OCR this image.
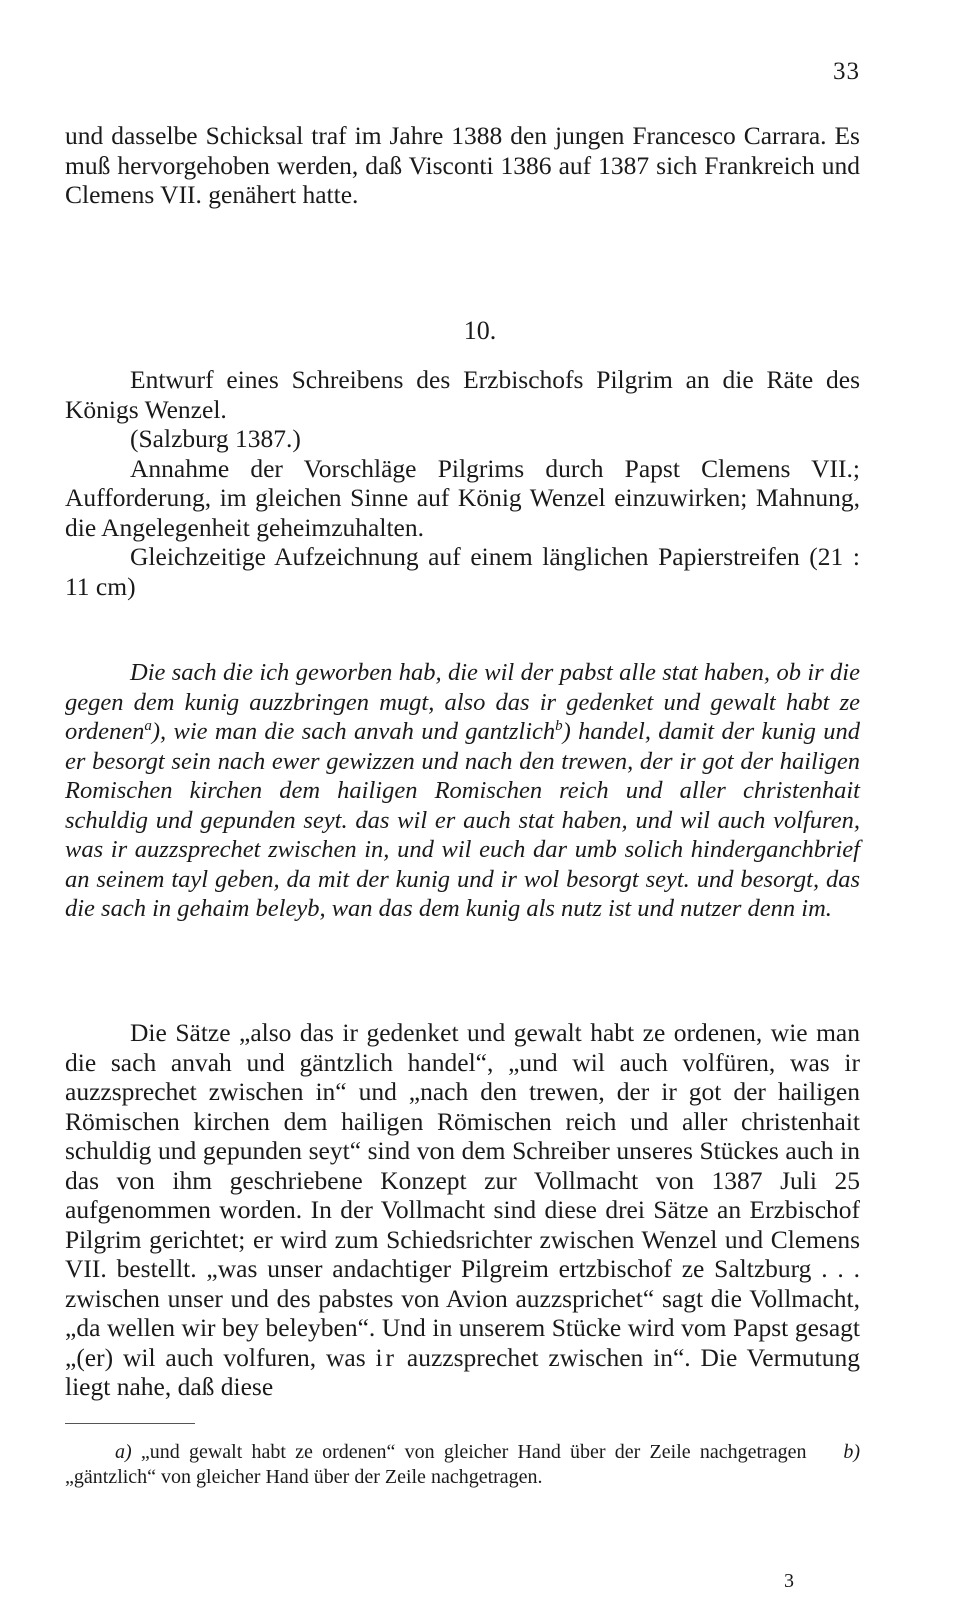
33
und dasselbe Schicksal traf im Jahre 1388 den jungen Francesco Carrara. Es muß hervorgehoben werden, daß Visconti 1386 auf 1387 sich Frankreich und Clemens VII. genähert hatte.
10.

Entwurf eines Schreibens des Erzbischofs Pilgrim an die Räte des Königs Wenzel.

(Salzburg 1387.)

Annahme der Vorschläge Pilgrims durch Papst Clemens VII.; Aufforderung, im gleichen Sinne auf König Wenzel einzuwirken; Mahnung, die Angelegenheit geheimzuhalten.

Gleichzeitige Aufzeichnung auf einem länglichen Papierstreifen (21 : 11 cm)

Die sach die ich geworben hab, die wil der pabst alle stat haben, ob ir die gegen dem kunig auzzbringen mugt, also das ir gedenket und gewalt habt ze ordenen$^a$), wie man die sach anvah und gantzlich$^b$) handel, damit der kunig und er besorgt sein nach ewer gewizzen und nach den trewen, der ir got der hailigen Romischen kirchen dem hailigen Romischen reich und aller christenhait schuldig und gepunden seyt. das wil er auch stat haben, und wil auch volfuren, was ir auzzsprechet zwischen in, und wil euch dar umb solich hinderganchbrief an seinem tayl geben, da mit der kunig und ir wol besorgt seyt. und besorgt, das die sach in gehaim beleyb, wan das dem kunig als nutz ist und nutzer denn im.

Die Sätze „also das ir gedenket und gewalt habt ze ordenen, wie man die sach anvah und gäntzlich handel“, „und wil auch volfüren, was ir auzzsprechet zwischen in“ und „nach den trewen, der ir got der hailigen Römischen kirchen dem hailigen Römischen reich und aller christenhait schuldig und gepunden seyt“ sind von dem Schreiber unseres Stückes auch in das von ihm geschriebene Konzept zur Vollmacht von 1387 Juli 25 aufgenommen worden. In der Vollmacht sind diese drei Sätze an Erzbischof Pilgrim gerichtet; er wird zum Schiedsrichter zwischen Wenzel und Clemens VII. bestellt. „was unser andachtiger Pilgreim ertzbischof ze Saltzburg . . . zwischen unser und des pabstes von Avion auzzsprichet“ sagt die Vollmacht, „da wellen wir bey beleyben“. Und in unserem Stücke wird vom Papst gesagt „(er) wil auch volfuren, was ir auzzsprechet zwischen in“. Die Vermutung liegt nahe, daß diese

a) „und gewalt habt ze ordenen“ von gleicher Hand über der Zeile nachgetragen b) „gäntzlich“ von gleicher Hand über der Zeile nachgetragen.

3
